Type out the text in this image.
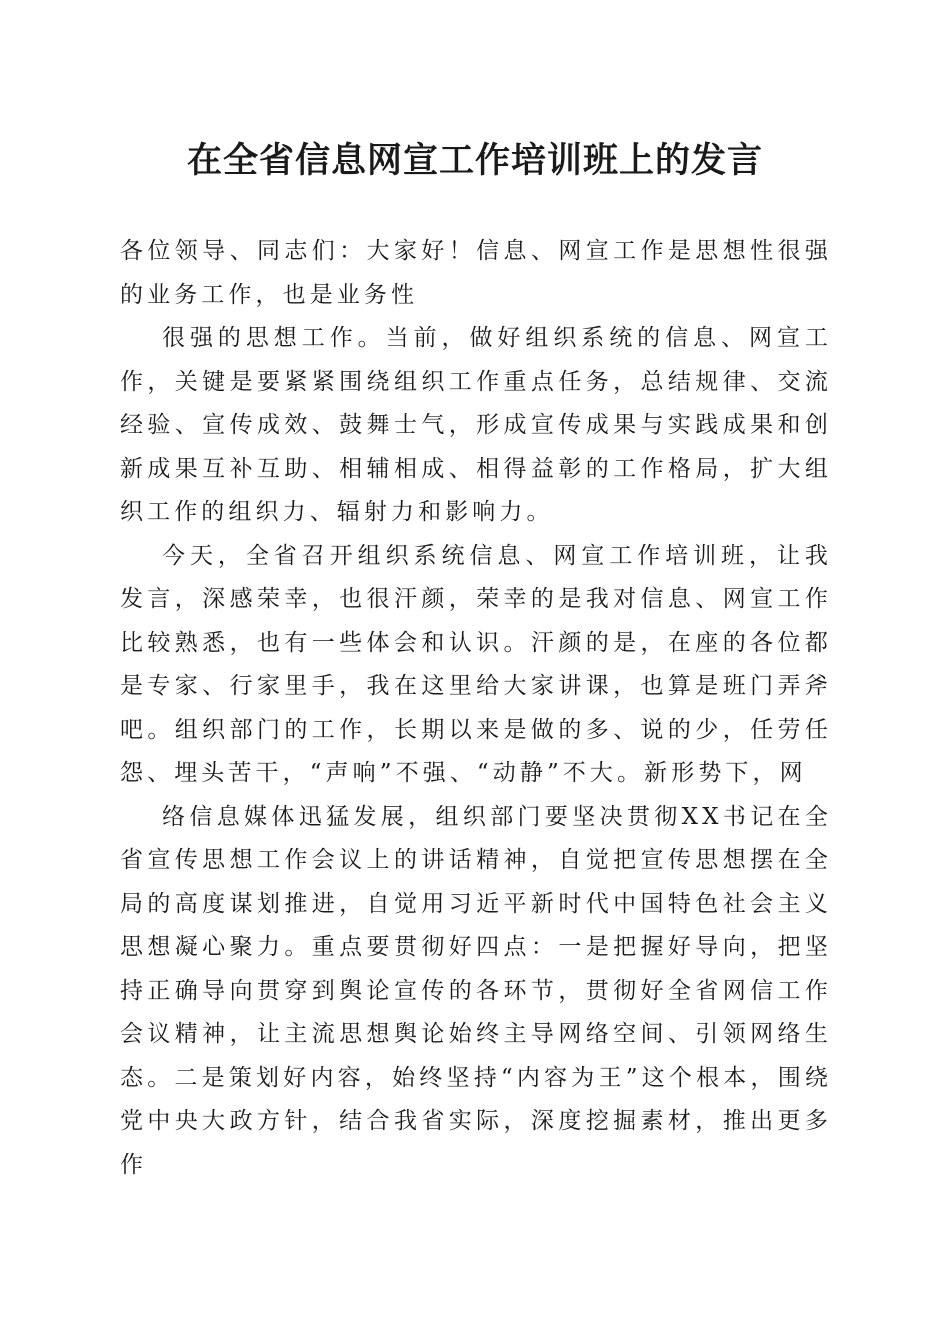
在全省信息网宣工作培训班上的发言

各位领导、同志们：大家好！信息、网宣工作是思想性很强的业务工作，也是业务性

很强的思想工作。当前，做好组织系统的信息、网宣工作，关键是要紧紧围绕组织工作重点任务，总结规律、交流经验、宣传成效、鼓舞士气，形成宣传成果与实践成果和创新成果互补互助、相辅相成、相得益彰的工作格局，扩大组织工作的组织力、辐射力和影响力。

今天，全省召开组织系统信息、网宣工作培训班，让我发言，深感荣幸，也很汗颜，荣幸的是我对信息、网宣工作比较熟悉，也有一些体会和认识。汗颜的是，在座的各位都是专家、行家里手，我在这里给大家讲课，也算是班门弄斧吧。组织部门的工作，长期以来是做的多、说的少，任劳任怨、埋头苦干，“声响”不强、“动静”不大。新形势下，网

络信息媒体迅猛发展，组织部门要坚决贯彻XX书记在全省宣传思想工作会议上的讲话精神，自觉把宣传思想摆在全局的高度谋划推进，自觉用习近平新时代中国特色社会主义思想凝心聚力。重点要贯彻好四点：一是把握好导向，把坚持正确导向贯穿到舆论宣传的各环节，贯彻好全省网信工作会议精神，让主流思想舆论始终主导网络空间、引领网络生态。二是策划好内容，始终坚持“内容为王”这个根本，围绕党中央大政方针，结合我省实际，深度挖掘素材，推出更多作
